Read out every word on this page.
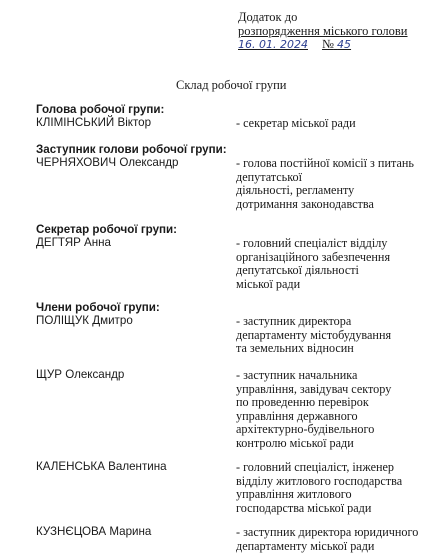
Додаток до
розпорядження міського голови
16. 01. 2024 № 45
Склад робочої групи
Голова робочої групи:
КЛІМІНСЬКИЙ Віктор	- секретар міської ради
Заступник голови робочої групи:
ЧЕРНЯХОВИЧ Олександр	- голова постійної комісії з питань
депутатської
діяльності, регламенту
дотримання законодавства
Секретар робочої групи:
ДЕГТЯР Анна	- головний спеціаліст відділу
організаційного забезпечення
депутатської діяльності
міської ради
Члени робочої групи:
ПОЛІЩУК Дмитро	- заступник директора
департаменту містобудування
та земельних відносин
ЩУР Олександр	- заступник начальника
управління, завідувач сектору
по проведенню перевірок
управління державного
архітектурно-будівельного
контролю міської ради
КАЛЕНСЬКА Валентина	- головний спеціаліст, інженер
відділу житлового господарства
управління житлового
господарства міської ради
КУЗНЄЦОВА Марина	- заступник директора юридичного
департаменту міської ради
